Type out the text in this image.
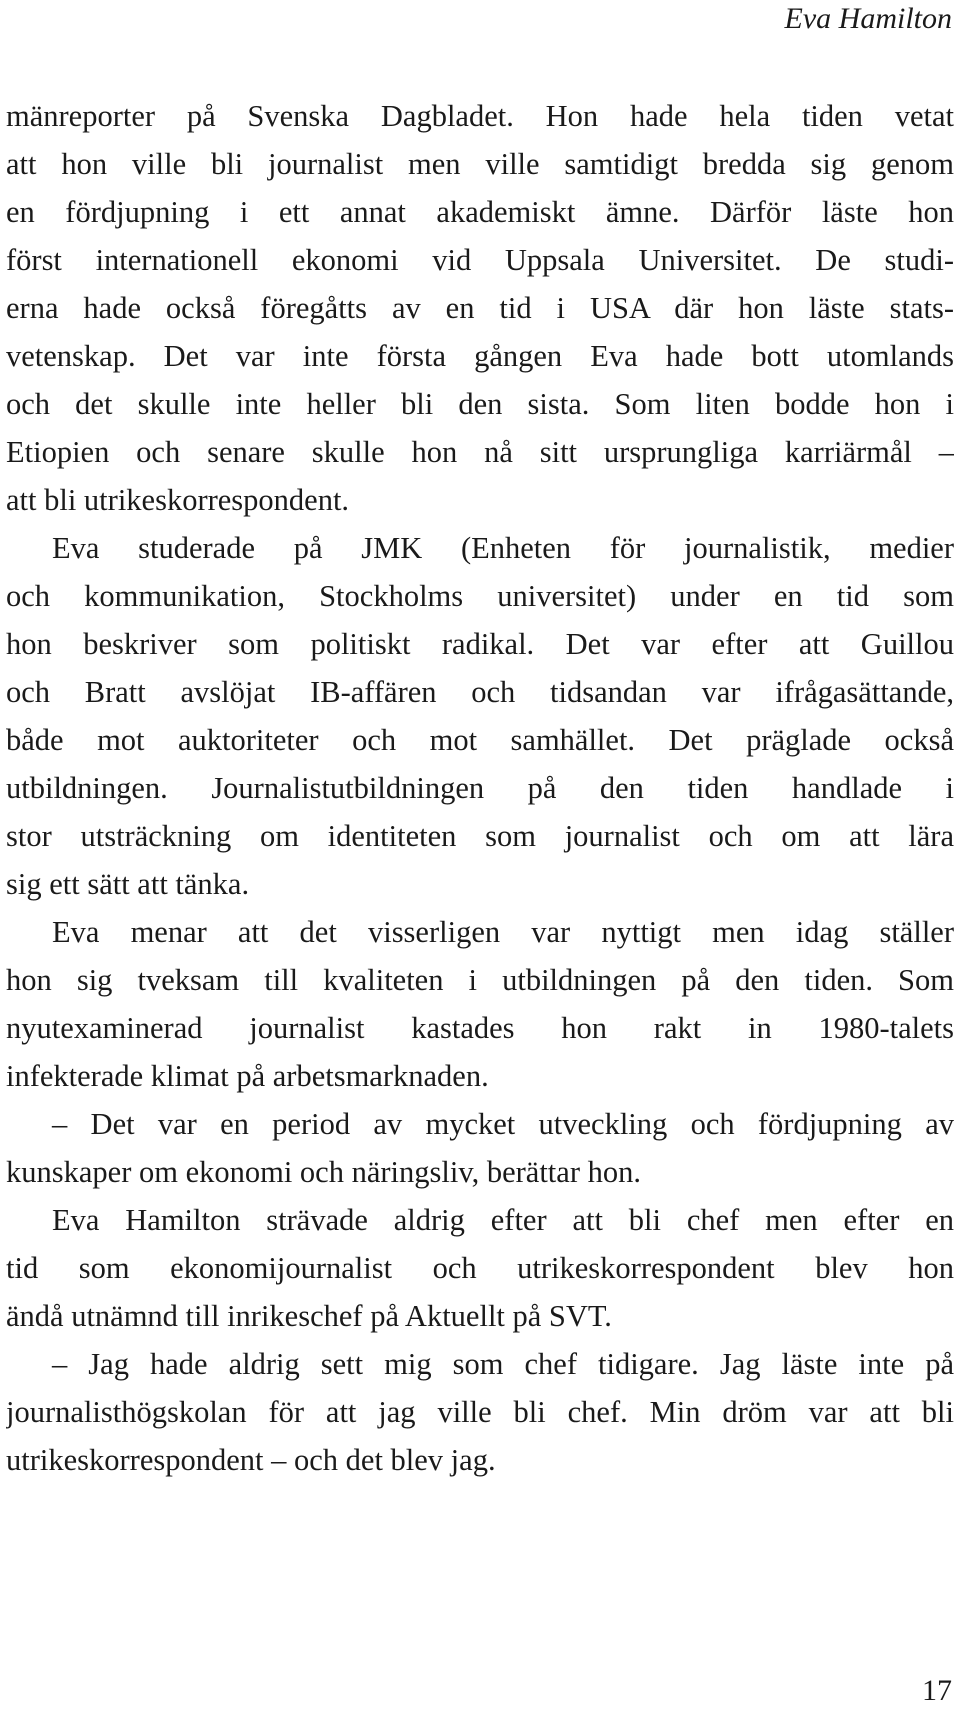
Eva Hamilton
mänreporter på Svenska Dagbladet. Hon hade hela tiden vetat
att hon ville bli journalist men ville samtidigt bredda sig genom
en fördjupning i ett annat akademiskt ämne. Därför läste hon
först internationell ekonomi vid Uppsala Universitet. De studi-
erna hade också föregåtts av en tid i USA där hon läste stats-
vetenskap. Det var inte första gången Eva hade bott utomlands
och det skulle inte heller bli den sista. Som liten bodde hon i
Etiopien och senare skulle hon nå sitt ursprungliga karriärmål –
att bli utrikeskorrespondent.
Eva studerade på JMK (Enheten för journalistik, medier
och kommunikation, Stockholms universitet) under en tid som
hon beskriver som politiskt radikal. Det var efter att Guillou
och Bratt avslöjat IB-affären och tidsandan var ifrågasättande,
både mot auktoriteter och mot samhället. Det präglade också
utbildningen. Journalistutbildningen på den tiden handlade i
stor utsträckning om identiteten som journalist och om att lära
sig ett sätt att tänka.
Eva menar att det visserligen var nyttigt men idag ställer
hon sig tveksam till kvaliteten i utbildningen på den tiden. Som
nyutexaminerad journalist kastades hon rakt in 1980-talets
infekterade klimat på arbetsmarknaden.
– Det var en period av mycket utveckling och fördjupning av
kunskaper om ekonomi och näringsliv, berättar hon.
Eva Hamilton strävade aldrig efter att bli chef men efter en
tid som ekonomijournalist och utrikeskorrespondent blev hon
ändå utnämnd till inrikeschef på Aktuellt på SVT.
– Jag hade aldrig sett mig som chef tidigare. Jag läste inte på
journalisthögskolan för att jag ville bli chef. Min dröm var att bli
utrikeskorrespondent – och det blev jag.
17
